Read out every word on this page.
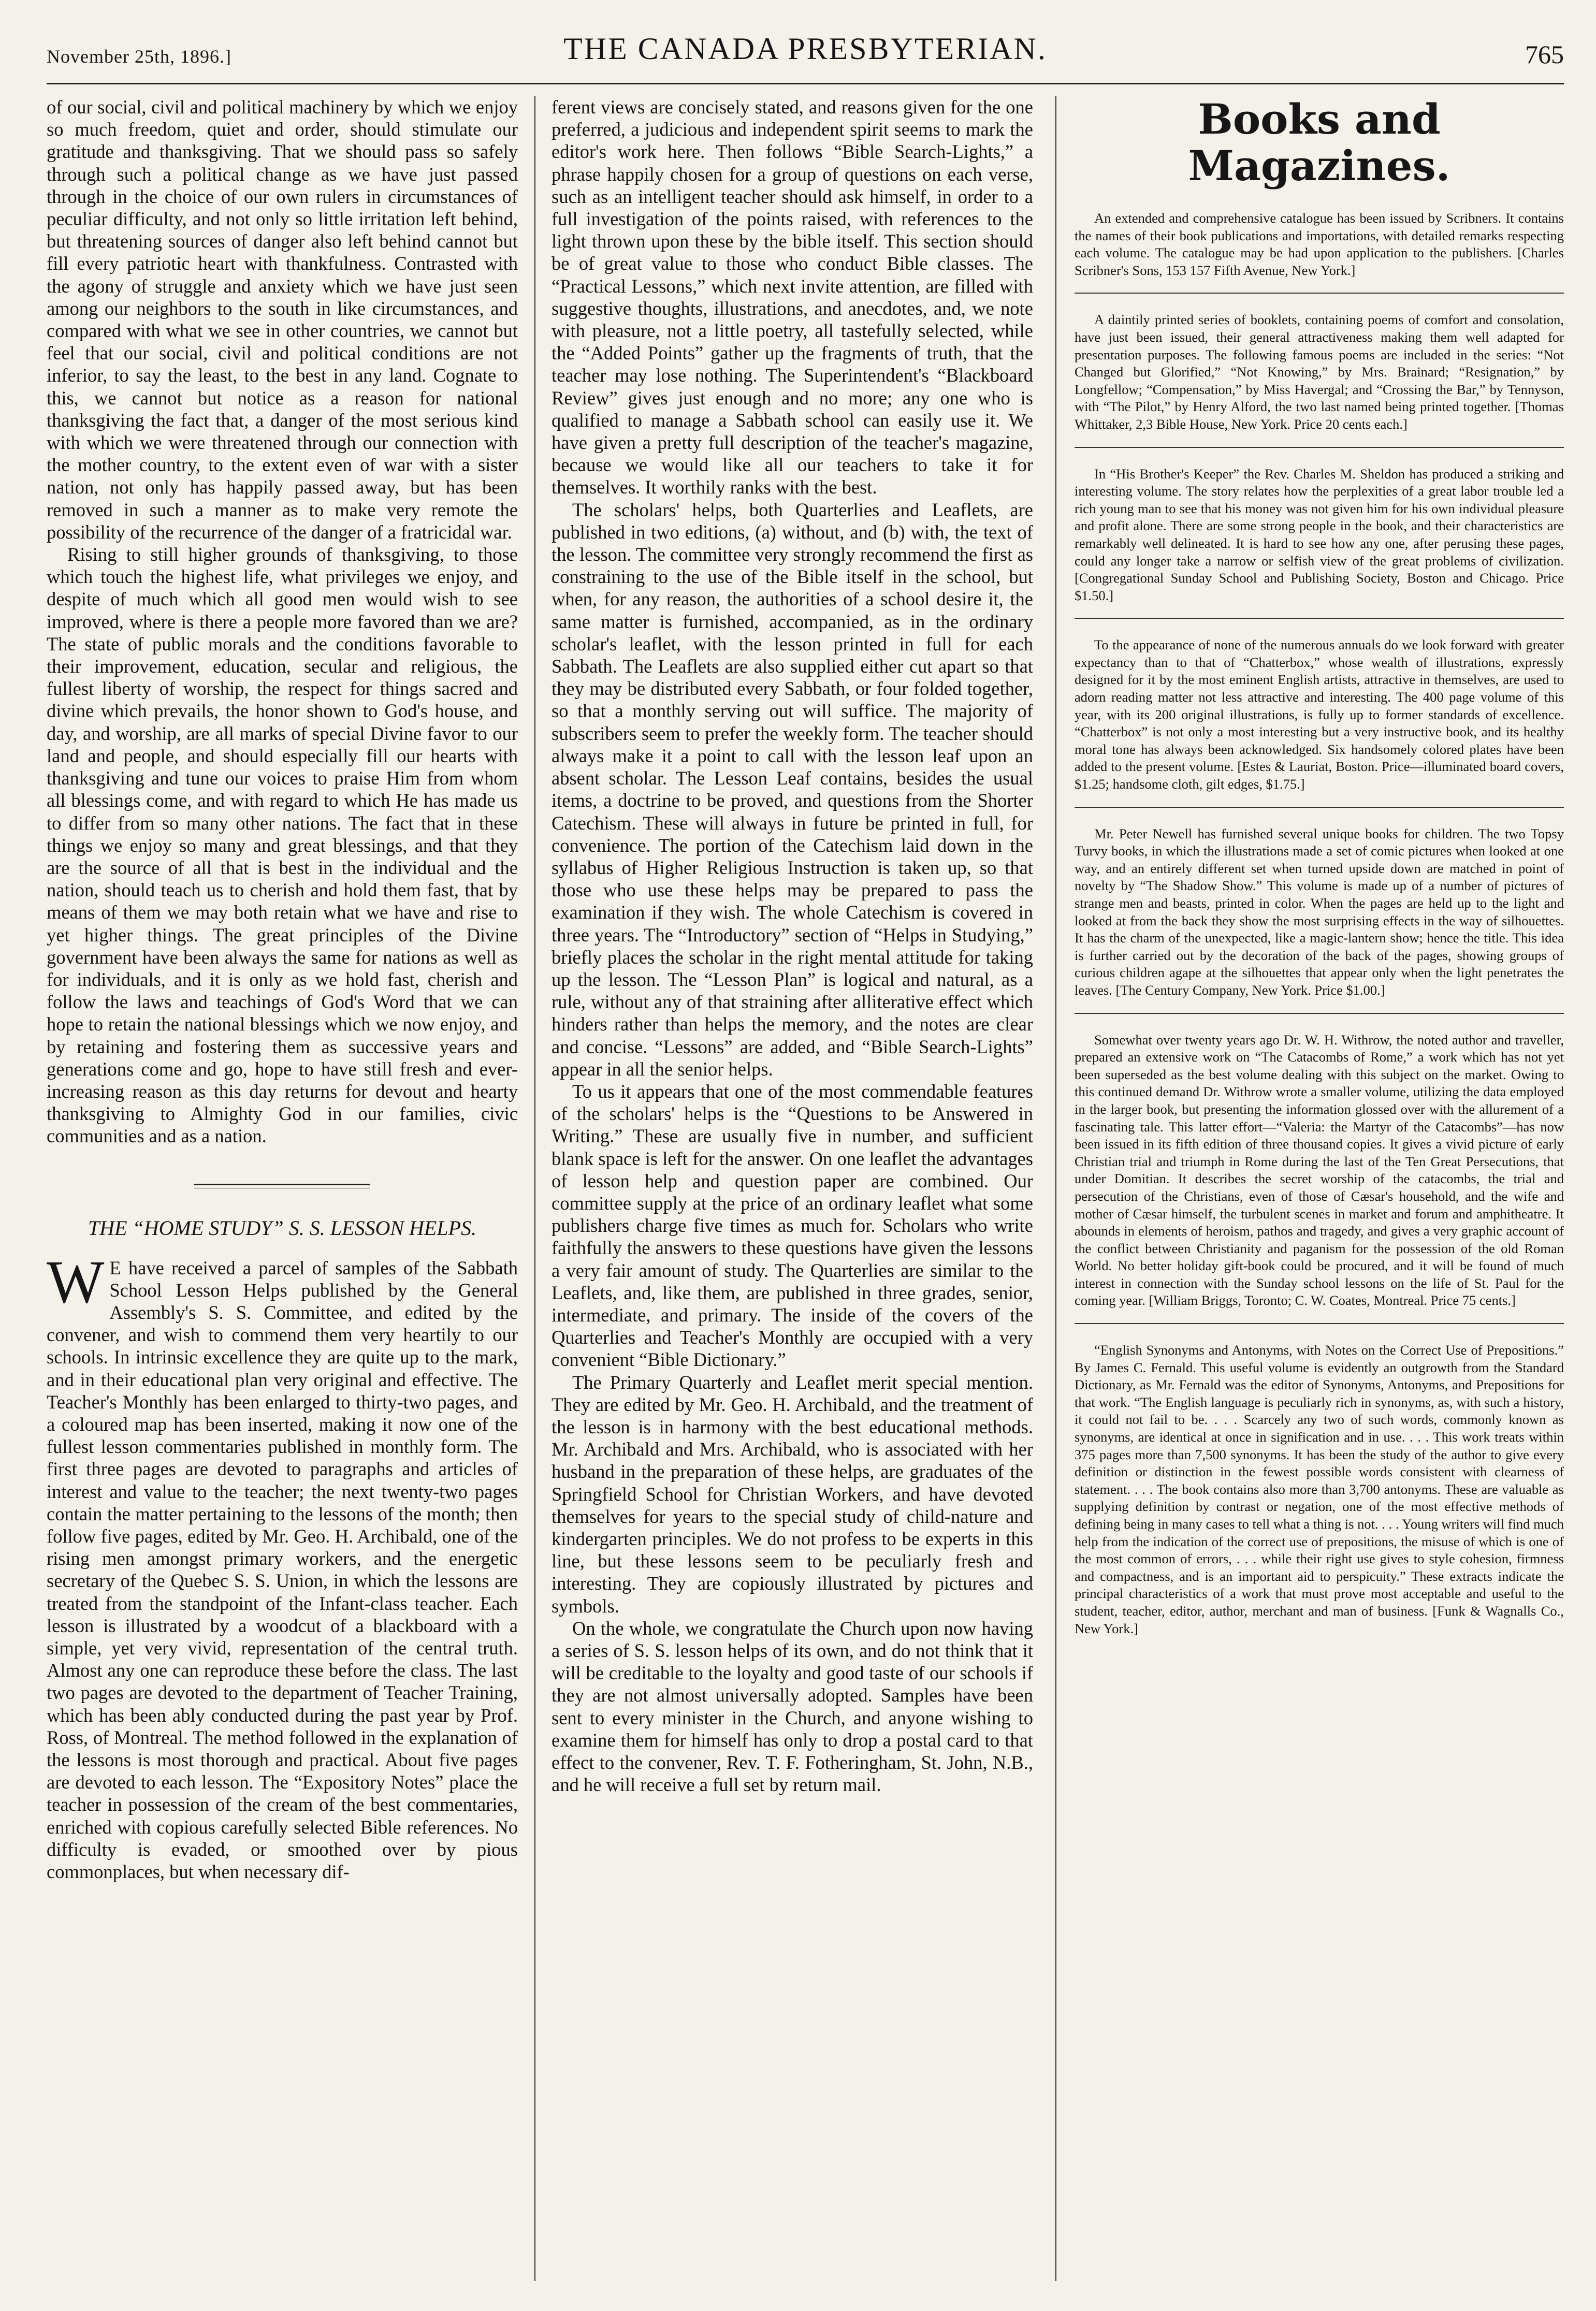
November 25th, 1896.]	THE CANADA PRESBYTERIAN.	765

of our social, civil and political machinery by which we enjoy so much freedom, quiet and order, should stimulate our gratitude and thanksgiving. That we should pass so safely through such a political change as we have just passed through in the choice of our own rulers in circumstances of peculiar difficulty, and not only so little irritation left behind, but threatening sources of danger also left behind cannot but fill every patriotic heart with thankfulness. Contrasted with the agony of struggle and anxiety which we have just seen among our neighbors to the south in like circumstances, and compared with what we see in other countries, we cannot but feel that our social, civil and political conditions are not inferior, to say the least, to the best in any land. Cognate to this, we cannot but notice as a reason for national thanksgiving the fact that, a danger of the most serious kind with which we were threatened through our connection with the mother country, to the extent even of war with a sister nation, not only has happily passed away, but has been removed in such a manner as to make very remote the possibility of the recurrence of the danger of a fratricidal war.

Rising to still higher grounds of thanksgiving, to those which touch the highest life, what privileges we enjoy, and despite of much which all good men would wish to see improved, where is there a people more favored than we are? The state of public morals and the conditions favorable to their improvement, education, secular and religious, the fullest liberty of worship, the respect for things sacred and divine which prevails, the honor shown to God's house, and day, and worship, are all marks of special Divine favor to our land and people, and should especially fill our hearts with thanksgiving and tune our voices to praise Him from whom all blessings come, and with regard to which He has made us to differ from so many other nations. The fact that in these things we enjoy so many and great blessings, and that they are the source of all that is best in the individual and the nation, should teach us to cherish and hold them fast, that by means of them we may both retain what we have and rise to yet higher things. The great principles of the Divine government have been always the same for nations as well as for individuals, and it is only as we hold fast, cherish and follow the laws and teachings of God's Word that we can hope to retain the national blessings which we now enjoy, and by retaining and fostering them as successive years and generations come and go, hope to have still fresh and ever-increasing reason as this day returns for devout and hearty thanksgiving to Almighty God in our families, civic communities and as a nation.

THE “HOME STUDY” S. S. LESSON HELPS.

W E have received a parcel of samples of the Sabbath School Lesson Helps published by the General Assembly's S. S. Committee, and edited by the convener, and wish to commend them very heartily to our schools. In intrinsic excellence they are quite up to the mark, and in their educational plan very original and effective. The Teacher's Monthly has been enlarged to thirty-two pages, and a coloured map has been inserted, making it now one of the fullest lesson commentaries published in monthly form. The first three pages are devoted to paragraphs and articles of interest and value to the teacher; the next twenty-two pages contain the matter pertaining to the lessons of the month; then follow five pages, edited by Mr. Geo. H. Archibald, one of the rising men amongst primary workers, and the energetic secretary of the Quebec S. S. Union, in which the lessons are treated from the standpoint of the Infant-class teacher. Each lesson is illustrated by a woodcut of a blackboard with a simple, yet very vivid, representation of the central truth. Almost any one can reproduce these before the class. The last two pages are devoted to the department of Teacher Training, which has been ably conducted during the past year by Prof. Ross, of Montreal. The method followed in the explanation of the lessons is most thorough and practical. About five pages are devoted to each lesson. The “Expository Notes” place the teacher in possession of the cream of the best commentaries, enriched with copious carefully selected Bible references. No difficulty is evaded, or smoothed over by pious commonplaces, but when necessary dif-

ferent views are concisely stated, and reasons given for the one preferred, a judicious and independent spirit seems to mark the editor's work here. Then follows “Bible Search-Lights,” a phrase happily chosen for a group of questions on each verse, such as an intelligent teacher should ask himself, in order to a full investigation of the points raised, with references to the light thrown upon these by the bible itself. This section should be of great value to those who conduct Bible classes. The “Practical Lessons,” which next invite attention, are filled with suggestive thoughts, illustrations, and anecdotes, and, we note with pleasure, not a little poetry, all tastefully selected, while the “Added Points” gather up the fragments of truth, that the teacher may lose nothing. The Superintendent's “Blackboard Review” gives just enough and no more; any one who is qualified to manage a Sabbath school can easily use it. We have given a pretty full description of the teacher's magazine, because we would like all our teachers to take it for themselves. It worthily ranks with the best.

The scholars' helps, both Quarterlies and Leaflets, are published in two editions, (a) without, and (b) with, the text of the lesson. The committee very strongly recommend the first as constraining to the use of the Bible itself in the school, but when, for any reason, the authorities of a school desire it, the same matter is furnished, accompanied, as in the ordinary scholar's leaflet, with the lesson printed in full for each Sabbath. The Leaflets are also supplied either cut apart so that they may be distributed every Sabbath, or four folded together, so that a monthly serving out will suffice. The majority of subscribers seem to prefer the weekly form. The teacher should always make it a point to call with the lesson leaf upon an absent scholar. The Lesson Leaf contains, besides the usual items, a doctrine to be proved, and questions from the Shorter Catechism. These will always in future be printed in full, for convenience. The portion of the Catechism laid down in the syllabus of Higher Religious Instruction is taken up, so that those who use these helps may be prepared to pass the examination if they wish. The whole Catechism is covered in three years. The “Introductory” section of “Helps in Studying,” briefly places the scholar in the right mental attitude for taking up the lesson. The “Lesson Plan” is logical and natural, as a rule, without any of that straining after alliterative effect which hinders rather than helps the memory, and the notes are clear and concise. “Lessons” are added, and “Bible Search-Lights” appear in all the senior helps.

To us it appears that one of the most commendable features of the scholars' helps is the “Questions to be Answered in Writing.” These are usually five in number, and sufficient blank space is left for the answer. On one leaflet the advantages of lesson help and question paper are combined. Our committee supply at the price of an ordinary leaflet what some publishers charge five times as much for. Scholars who write faithfully the answers to these questions have given the lessons a very fair amount of study. The Quarterlies are similar to the Leaflets, and, like them, are published in three grades, senior, intermediate, and primary. The inside of the covers of the Quarterlies and Teacher's Monthly are occupied with a very convenient “Bible Dictionary.”

The Primary Quarterly and Leaflet merit special mention. They are edited by Mr. Geo. H. Archibald, and the treatment of the lesson is in harmony with the best educational methods. Mr. Archibald and Mrs. Archibald, who is associated with her husband in the preparation of these helps, are graduates of the Springfield School for Christian Workers, and have devoted themselves for years to the special study of child-nature and kindergarten principles. We do not profess to be experts in this line, but these lessons seem to be peculiarly fresh and interesting. They are copiously illustrated by pictures and symbols.

On the whole, we congratulate the Church upon now having a series of S. S. lesson helps of its own, and do not think that it will be creditable to the loyalty and good taste of our schools if they are not almost universally adopted. Samples have been sent to every minister in the Church, and anyone wishing to examine them for himself has only to drop a postal card to that effect to the convener, Rev. T. F. Fotheringham, St. John, N.B., and he will receive a full set by return mail.

Books and Magazines.

An extended and comprehensive catalogue has been issued by Scribners. It contains the names of their book publications and importations, with detailed remarks respecting each volume. The catalogue may be had upon application to the publishers. [Charles Scribner's Sons, 153 157 Fifth Avenue, New York.]

A daintily printed series of booklets, containing poems of comfort and consolation, have just been issued, their general attractiveness making them well adapted for presentation purposes. The following famous poems are included in the series: “Not Changed but Glorified,” “Not Knowing,” by Mrs. Brainard; “Resignation,” by Longfellow; “Compensation,” by Miss Havergal; and “Crossing the Bar,” by Tennyson, with “The Pilot,” by Henry Alford, the two last named being printed together. [Thomas Whittaker, 2,3 Bible House, New York. Price 20 cents each.]

In “His Brother's Keeper” the Rev. Charles M. Sheldon has produced a striking and interesting volume. The story relates how the perplexities of a great labor trouble led a rich young man to see that his money was not given him for his own individual pleasure and profit alone. There are some strong people in the book, and their characteristics are remarkably well delineated. It is hard to see how any one, after perusing these pages, could any longer take a narrow or selfish view of the great problems of civilization. [Congregational Sunday School and Publishing Society, Boston and Chicago. Price $1.50.]

To the appearance of none of the numerous annuals do we look forward with greater expectancy than to that of “Chatterbox,” whose wealth of illustrations, expressly designed for it by the most eminent English artists, attractive in themselves, are used to adorn reading matter not less attractive and interesting. The 400 page volume of this year, with its 200 original illustrations, is fully up to former standards of excellence. “Chatterbox” is not only a most interesting but a very instructive book, and its healthy moral tone has always been acknowledged. Six handsomely colored plates have been added to the present volume. [Estes & Lauriat, Boston. Price—illuminated board covers, $1.25; handsome cloth, gilt edges, $1.75.]

Mr. Peter Newell has furnished several unique books for children. The two Topsy Turvy books, in which the illustrations made a set of comic pictures when looked at one way, and an entirely different set when turned upside down are matched in point of novelty by “The Shadow Show.” This volume is made up of a number of pictures of strange men and beasts, printed in color. When the pages are held up to the light and looked at from the back they show the most surprising effects in the way of silhouettes. It has the charm of the unexpected, like a magic-lantern show; hence the title. This idea is further carried out by the decoration of the back of the pages, showing groups of curious children agape at the silhouettes that appear only when the light penetrates the leaves. [The Century Company, New York. Price $1.00.]

Somewhat over twenty years ago Dr. W. H. Withrow, the noted author and traveller, prepared an extensive work on “The Catacombs of Rome,” a work which has not yet been superseded as the best volume dealing with this subject on the market. Owing to this continued demand Dr. Withrow wrote a smaller volume, utilizing the data employed in the larger book, but presenting the information glossed over with the allurement of a fascinating tale. This latter effort—“Valeria: the Martyr of the Catacombs”—has now been issued in its fifth edition of three thousand copies. It gives a vivid picture of early Christian trial and triumph in Rome during the last of the Ten Great Persecutions, that under Domitian. It describes the secret worship of the catacombs, the trial and persecution of the Christians, even of those of Cæsar's household, and the wife and mother of Cæsar himself, the turbulent scenes in market and forum and amphitheatre. It abounds in elements of heroism, pathos and tragedy, and gives a very graphic account of the conflict between Christianity and paganism for the possession of the old Roman World. No better holiday gift-book could be procured, and it will be found of much interest in connection with the Sunday school lessons on the life of St. Paul for the coming year. [William Briggs, Toronto; C. W. Coates, Montreal. Price 75 cents.]

“English Synonyms and Antonyms, with Notes on the Correct Use of Prepositions.” By James C. Fernald. This useful volume is evidently an outgrowth from the Standard Dictionary, as Mr. Fernald was the editor of Synonyms, Antonyms, and Prepositions for that work. “The English language is peculiarly rich in synonyms, as, with such a history, it could not fail to be. . . . Scarcely any two of such words, commonly known as synonyms, are identical at once in signification and in use. . . . This work treats within 375 pages more than 7,500 synonyms. It has been the study of the author to give every definition or distinction in the fewest possible words consistent with clearness of statement. . . . The book contains also more than 3,700 antonyms. These are valuable as supplying definition by contrast or negation, one of the most effective methods of defining being in many cases to tell what a thing is not. . . . Young writers will find much help from the indication of the correct use of prepositions, the misuse of which is one of the most common of errors, . . . while their right use gives to style cohesion, firmness and compactness, and is an important aid to perspicuity.” These extracts indicate the principal characteristics of a work that must prove most acceptable and useful to the student, teacher, editor, author, merchant and man of business. [Funk & Wagnalls Co., New York.]
